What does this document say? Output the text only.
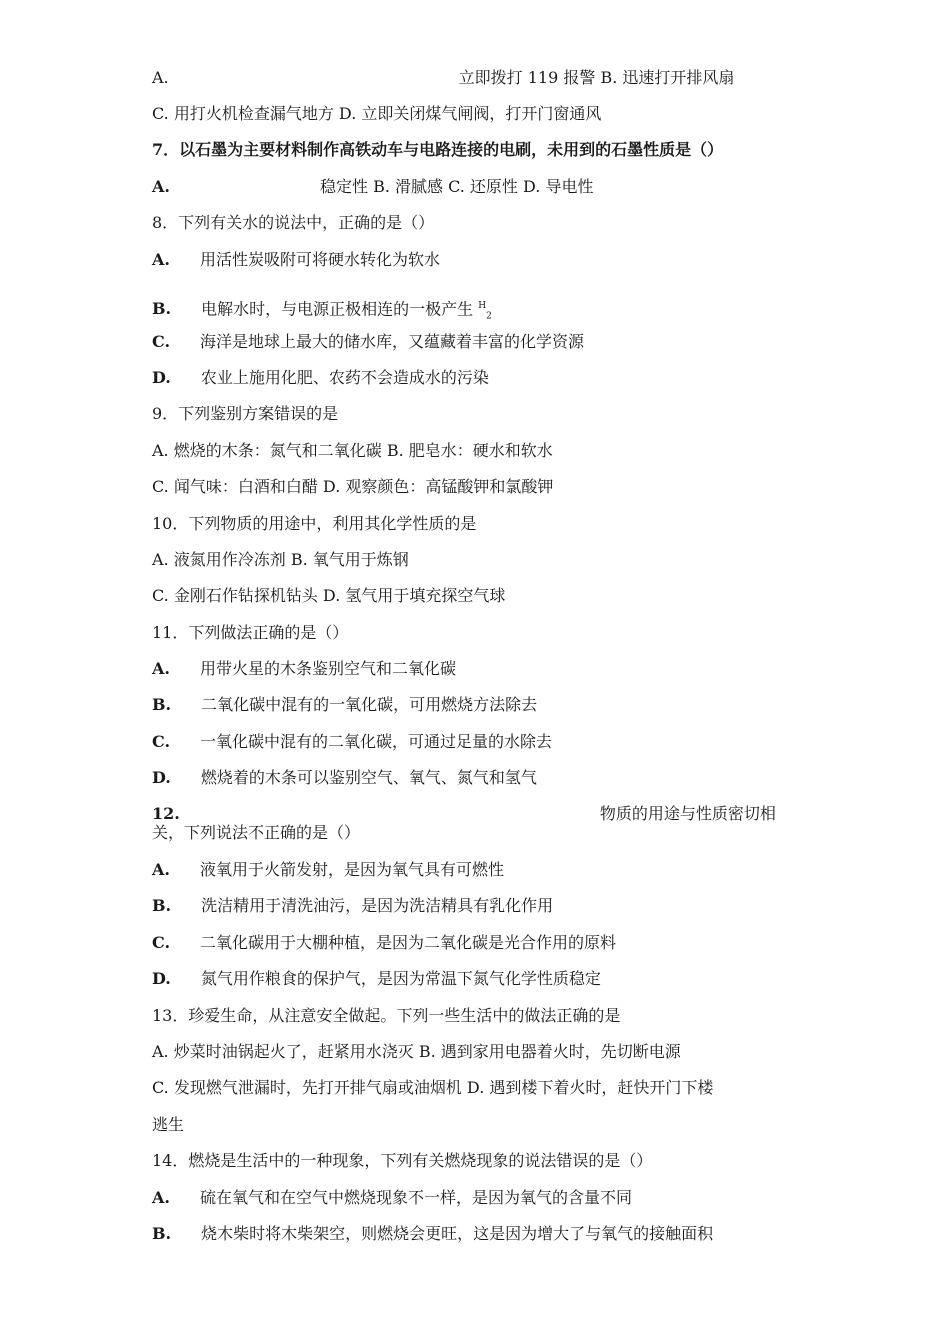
A.	立即拨打 119 报警 B. 迅速打开排风扇
C. 用打火机检查漏气地方 D. 立即关闭煤气闸阀，打开门窗通风
7．以石墨为主要材料制作高铁动车与电路连接的电刷，未用到的石墨性质是（）
A.	稳定性 B. 滑腻感 C. 还原性 D. 导电性
8．下列有关水的说法中，正确的是（）
A. 用活性炭吸附可将硬水转化为软水
B. 电解水时，与电源正极相连的一极产生 $^H_2$
C. 海洋是地球上最大的储水库，又蕴藏着丰富的化学资源
D. 农业上施用化肥、农药不会造成水的污染
9．下列鉴别方案错误的是
A. 燃烧的木条：氮气和二氧化碳 B. 肥皂水：硬水和软水
C. 闻气味：白酒和白醋 D. 观察颜色：高锰酸钾和氯酸钾
10．下列物质的用途中，利用其化学性质的是
A. 液氮用作冷冻剂 B. 氧气用于炼钢
C. 金刚石作钻探机钻头 D. 氢气用于填充探空气球
11．下列做法正确的是（）
A. 用带火星的木条鉴别空气和二氧化碳
B. 二氧化碳中混有的一氧化碳，可用燃烧方法除去
C. 一氧化碳中混有的二氧化碳，可通过足量的水除去
D. 燃烧着的木条可以鉴别空气、氧气、氮气和氢气
12.	物质的用途与性质密切相
关，下列说法不正确的是（）
A. 液氧用于火箭发射，是因为氧气具有可燃性
B. 洗洁精用于清洗油污，是因为洗洁精具有乳化作用
C. 二氧化碳用于大棚种植，是因为二氧化碳是光合作用的原料
D. 氮气用作粮食的保护气，是因为常温下氮气化学性质稳定
13．珍爱生命，从注意安全做起。下列一些生活中的做法正确的是
A. 炒菜时油锅起火了，赶紧用水浇灭 B. 遇到家用电器着火时，先切断电源
C. 发现燃气泄漏时，先打开排气扇或油烟机 D. 遇到楼下着火时，赶快开门下楼
逃生
14．燃烧是生活中的一种现象，下列有关燃烧现象的说法错误的是（）
A. 硫在氧气和在空气中燃烧现象不一样，是因为氧气的含量不同
B. 烧木柴时将木柴架空，则燃烧会更旺，这是因为增大了与氧气的接触面积
